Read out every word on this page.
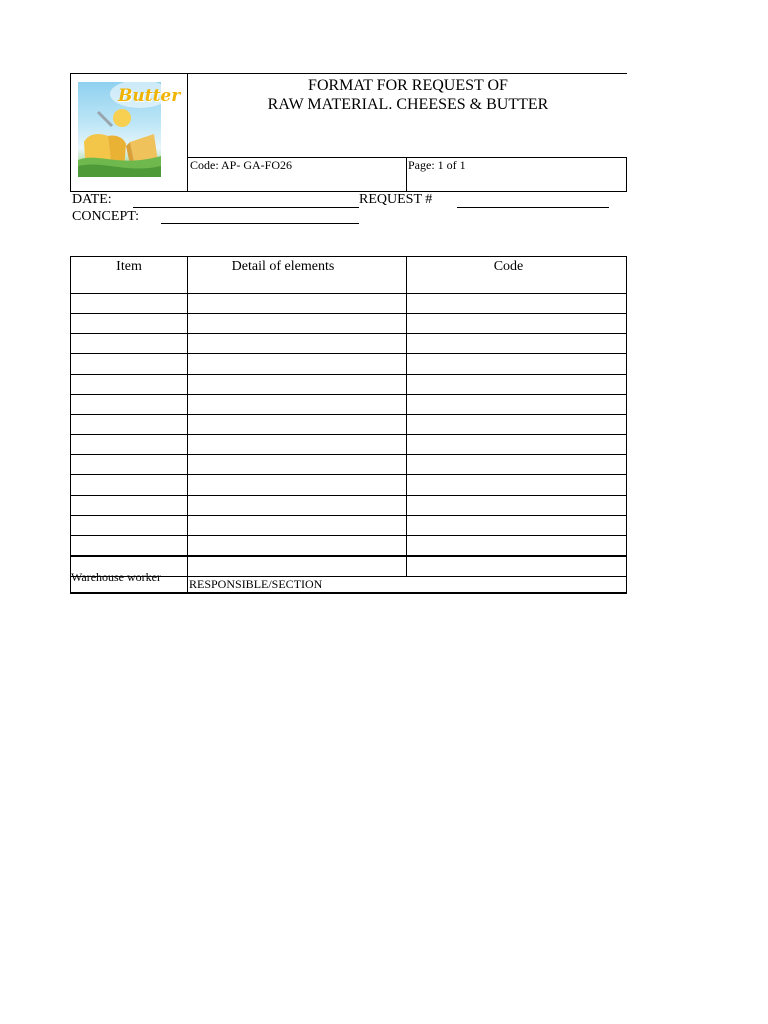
Butter
FORMAT FOR REQUEST OF
RAW MATERIAL. CHEESES & BUTTER
Code: AP- GA-FO26	Page: 1 of 1
DATE:	REQUEST #
CONCEPT:
Item	Detail of elements	Code
Warehouse worker RESPONSIBLE/SECTION
